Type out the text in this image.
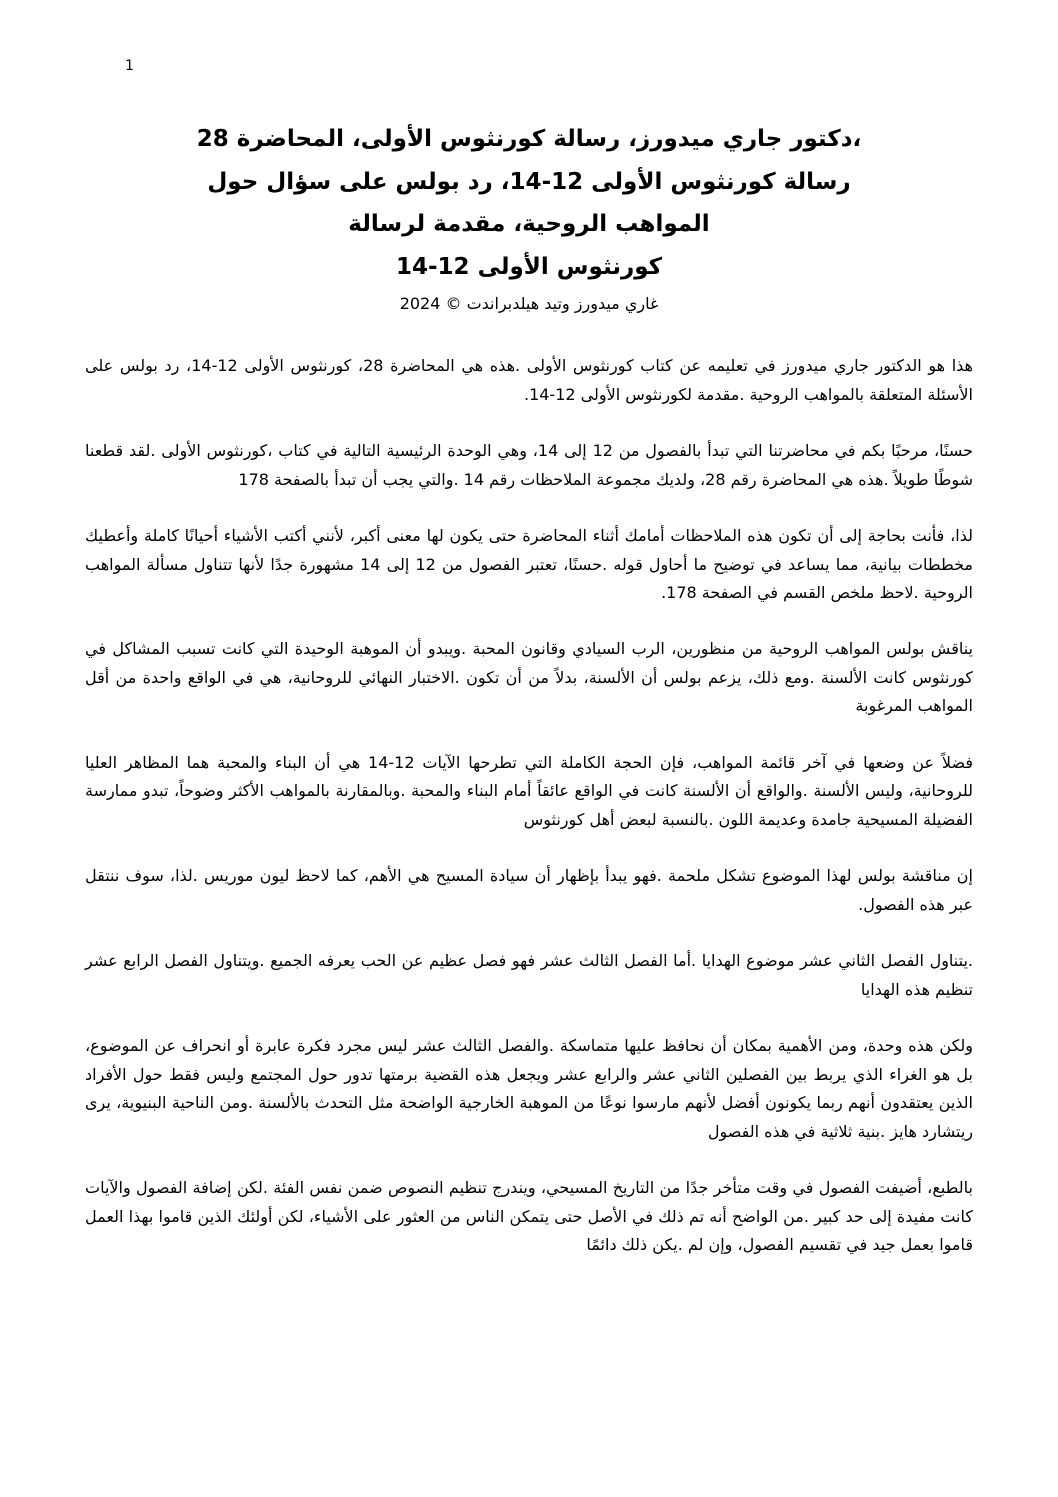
1
،دكتور جاري ميدورز، رسالة كورنثوس الأولى، المحاضرة 28
رسالة كورنثوس الأولى 12-14، رد بولس على سؤال حول
المواهب الروحية، مقدمة لرسالة
كورنثوس الأولى 12-14
غاري ميدورز وتيد هيلدبراندت © 2024

هذا هو الدكتور جاري ميدورز في تعليمه عن كتاب كورنثوس الأولى .هذه هي المحاضرة 28، كورنثوس الأولى 12-14، رد بولس على الأسئلة المتعلقة بالمواهب الروحية .مقدمة لكورنثوس الأولى 12-14.

حسنًا، مرحبًا بكم في محاضرتنا التي تبدأ بالفصول من 12 إلى 14، وهي الوحدة الرئيسية التالية في كتاب ،كورنثوس الأولى .لقد قطعنا شوطًا طويلاً .هذه هي المحاضرة رقم 28، ولديك مجموعة الملاحظات رقم 14 .والتي يجب أن تبدأ بالصفحة 178

لذا، فأنت بحاجة إلى أن تكون هذه الملاحظات أمامك أثناء المحاضرة حتى يكون لها معنى أكبر، لأنني أكتب الأشياء أحيانًا كاملة وأعطيك مخططات بيانية، مما يساعد في توضيح ما أحاول قوله .حسنًا، تعتبر الفصول من 12 إلى 14 مشهورة جدًا لأنها تتناول مسألة المواهب الروحية .لاحظ ملخص القسم في الصفحة 178.

يناقش بولس المواهب الروحية من منظورين، الرب السيادي وقانون المحبة .ويبدو أن الموهبة الوحيدة التي كانت تسبب المشاكل في كورنثوس كانت الألسنة .ومع ذلك، يزعم بولس أن الألسنة، بدلاً من أن تكون .الاختبار النهائي للروحانية، هي في الواقع واحدة من أقل المواهب المرغوبة

فضلاً عن وضعها في آخر قائمة المواهب، فإن الحجة الكاملة التي تطرحها الآيات 12-14 هي أن البناء والمحبة هما المظاهر العليا للروحانية، وليس الألسنة .والواقع أن الألسنة كانت في الواقع عائقاً أمام البناء والمحبة .وبالمقارنة بالمواهب الأكثر وضوحاً، تبدو ممارسة الفضيلة المسيحية جامدة وعديمة اللون .بالنسبة لبعض أهل كورنثوس

إن مناقشة بولس لهذا الموضوع تشكل ملحمة .فهو يبدأ بإظهار أن سيادة المسيح هي الأهم، كما لاحظ ليون موريس .لذا، سوف ننتقل عبر هذه الفصول.

.يتناول الفصل الثاني عشر موضوع الهدايا .أما الفصل الثالث عشر فهو فصل عظيم عن الحب يعرفه الجميع .ويتناول الفصل الرابع عشر تنظيم هذه الهدايا

ولكن هذه وحدة، ومن الأهمية بمكان أن نحافظ عليها متماسكة .والفصل الثالث عشر ليس مجرد فكرة عابرة أو انحراف عن الموضوع، بل هو الغراء الذي يربط بين الفصلين الثاني عشر والرابع عشر ويجعل هذه القضية برمتها تدور حول المجتمع وليس فقط حول الأفراد الذين يعتقدون أنهم ربما يكونون أفضل لأنهم مارسوا نوعًا من الموهبة الخارجية الواضحة مثل التحدث بالألسنة .ومن الناحية البنيوية، يرى ريتشارد هايز .بنية ثلاثية في هذه الفصول

بالطبع، أضيفت الفصول في وقت متأخر جدًا من التاريخ المسيحي، ويندرج تنظيم النصوص ضمن نفس الفئة .لكن إضافة الفصول والآيات كانت مفيدة إلى حد كبير .من الواضح أنه تم ذلك في الأصل حتى يتمكن الناس من العثور على الأشياء، لكن أولئك الذين قاموا بهذا العمل قاموا بعمل جيد في تقسيم الفصول، وإن لم .يكن ذلك دائمًا
